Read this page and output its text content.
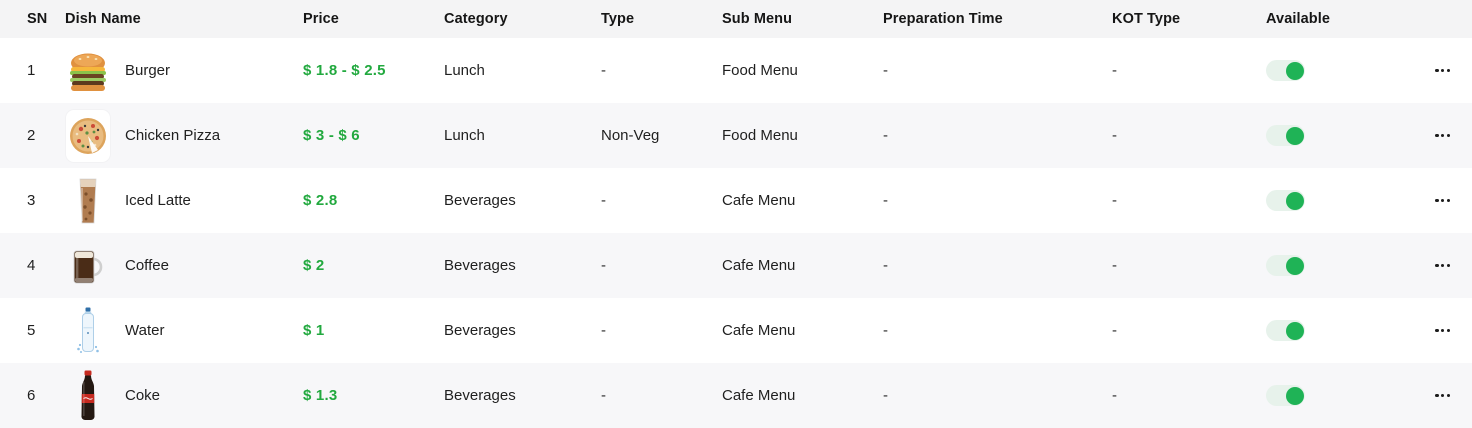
SN	Dish Name	Price	Category	Type	Sub Menu	Preparation Time	KOT Type	Available
1	Burger	$ 1.8 - $ 2.5	Lunch	-	Food Menu	-	-
2	Chicken Pizza	$ 3 - $ 6	Lunch	Non-Veg	Food Menu	-	-
3	Iced Latte	$ 2.8	Beverages	-	Cafe Menu	-	-
4	Coffee	$ 2	Beverages	-	Cafe Menu	-	-
5	Water	$ 1	Beverages	-	Cafe Menu	-	-
6	Coke	$ 1.3	Beverages	-	Cafe Menu	-	-
